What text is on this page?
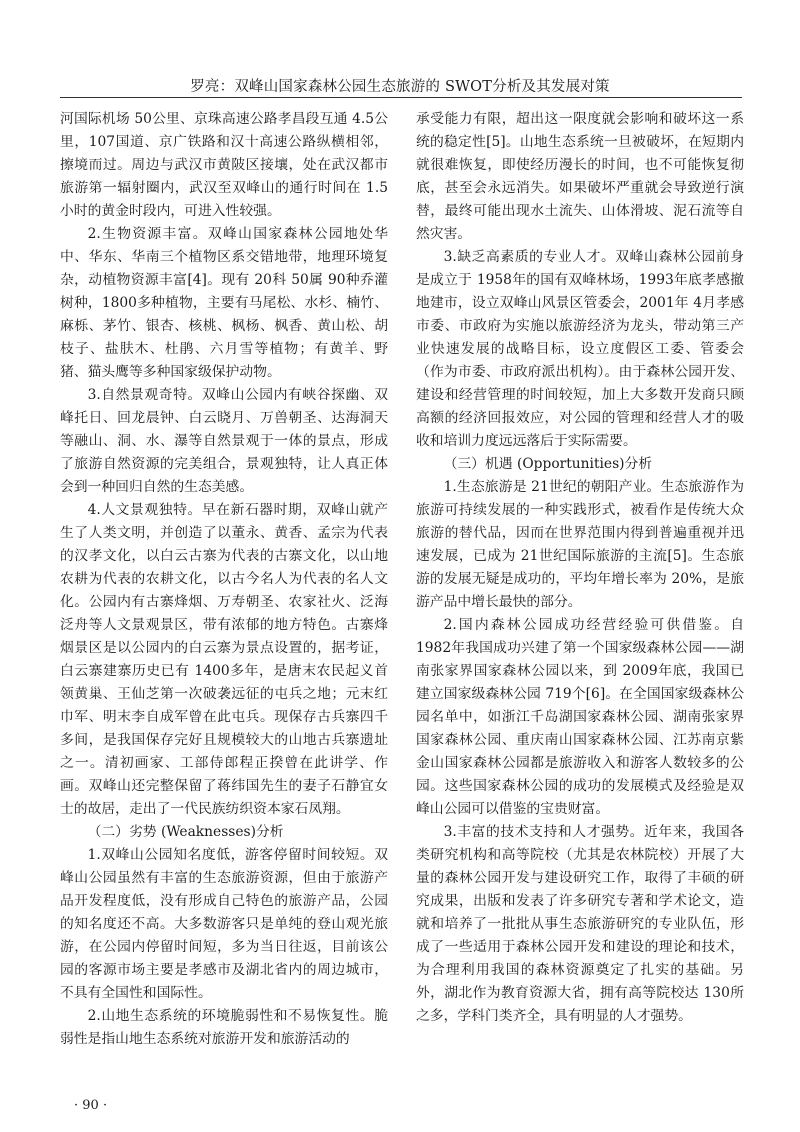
罗亮：双峰山国家森林公园生态旅游的 SWOT分析及其发展对策

河国际机场 50公里、京珠高速公路孝昌段互通 4.5公里，107国道、京广铁路和汉十高速公路纵横相邻，擦境而过。周边与武汉市黄陂区接壤，处在武汉都市旅游第一辐射圈内，武汉至双峰山的通行时间在 1.5小时的黄金时段内，可进入性较强。

2.生物资源丰富。双峰山国家森林公园地处华中、华东、华南三个植物区系交错地带，地理环境复杂，动植物资源丰富[4]。现有 20科 50属 90种乔灌树种，1800多种植物，主要有马尾松、水杉、楠竹、麻栎、茅竹、银杏、核桃、枫杨、枫香、黄山松、胡枝子、盐肤木、杜鹃、六月雪等植物；有黄羊、野猪、猫头鹰等多种国家级保护动物。

3.自然景观奇特。双峰山公园内有峡谷探幽、双峰托日、回龙晨钟、白云晓月、万兽朝圣、达海洞天等融山、洞、水、瀑等自然景观于一体的景点，形成了旅游自然资源的完美组合，景观独特，让人真正体会到一种回归自然的生态美感。

4.人文景观独特。早在新石器时期，双峰山就产生了人类文明，并创造了以董永、黄香、孟宗为代表的汉孝文化，以白云古寨为代表的古寨文化，以山地农耕为代表的农耕文化，以古今名人为代表的名人文化。公园内有古寨烽烟、万寿朝圣、农家社火、泛海泛舟等人文景观景区，带有浓郁的地方特色。古寨烽烟景区是以公园内的白云寨为景点设置的，据考证，白云寨建寨历史已有 1400多年，是唐末农民起义首领黄巢、王仙芝第一次破袭远征的屯兵之地；元末红巾军、明末李自成军曾在此屯兵。现保存古兵寨四千多间，是我国保存完好且规模较大的山地古兵寨遗址之一。清初画家、工部侍郎程正揆曾在此讲学、作画。双峰山还完整保留了蒋纬国先生的妻子石静宜女士的故居，走出了一代民族纺织资本家石凤翔。

（二）劣势 (Weaknesses)分析

1.双峰山公园知名度低，游客停留时间较短。双峰山公园虽然有丰富的生态旅游资源，但由于旅游产品开发程度低，没有形成自己特色的旅游产品，公园的知名度还不高。大多数游客只是单纯的登山观光旅游，在公园内停留时间短，多为当日往返，目前该公园的客源市场主要是孝感市及湖北省内的周边城市，不具有全国性和国际性。

2.山地生态系统的环境脆弱性和不易恢复性。脆弱性是指山地生态系统对旅游开发和旅游活动的

承受能力有限，超出这一限度就会影响和破坏这一系统的稳定性[5]。山地生态系统一旦被破坏，在短期内就很难恢复，即使经历漫长的时间，也不可能恢复彻底，甚至会永远消失。如果破坏严重就会导致逆行演替，最终可能出现水土流失、山体滑坡、泥石流等自然灾害。

3.缺乏高素质的专业人才。双峰山森林公园前身是成立于 1958年的国有双峰林场，1993年底孝感撤地建市，设立双峰山风景区管委会，2001年 4月孝感市委、市政府为实施以旅游经济为龙头，带动第三产业快速发展的战略目标，设立度假区工委、管委会（作为市委、市政府派出机构）。由于森林公园开发、建设和经营管理的时间较短，加上大多数开发商只顾高额的经济回报效应，对公园的管理和经营人才的吸收和培训力度远远落后于实际需要。

（三）机遇 (Opportunities)分析

1.生态旅游是 21世纪的朝阳产业。生态旅游作为旅游可持续发展的一种实践形式，被看作是传统大众旅游的替代品，因而在世界范围内得到普遍重视并迅速发展，已成为 21世纪国际旅游的主流[5]。生态旅游的发展无疑是成功的，平均年增长率为 20%，是旅游产品中增长最快的部分。

2.国内森林公园成功经营经验可供借鉴。自 1982年我国成功兴建了第一个国家级森林公园——湖南张家界国家森林公园以来，到 2009年底，我国已建立国家级森林公园 719个[6]。在全国国家级森林公园名单中，如浙江千岛湖国家森林公园、湖南张家界国家森林公园、重庆南山国家森林公园、江苏南京紫金山国家森林公园都是旅游收入和游客人数较多的公园。这些国家森林公园的成功的发展模式及经验是双峰山公园可以借鉴的宝贵财富。

3.丰富的技术支持和人才强势。近年来，我国各类研究机构和高等院校（尤其是农林院校）开展了大量的森林公园开发与建设研究工作，取得了丰硕的研究成果，出版和发表了许多研究专著和学术论文，造就和培养了一批批从事生态旅游研究的专业队伍，形成了一些适用于森林公园开发和建设的理论和技术，为合理利用我国的森林资源奠定了扎实的基础。另外，湖北作为教育资源大省，拥有高等院校达 130所之多，学科门类齐全，具有明显的人才强势。

· 90 ·
